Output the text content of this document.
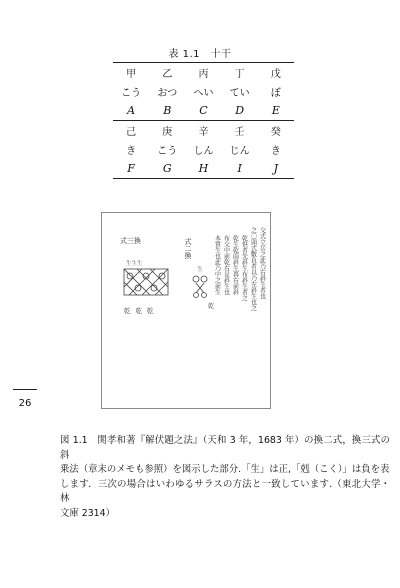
表 1.1　十干
甲	乙	丙	丁	戊
こう	おつ	へい	てい	ぼ
A	B	C	D	E
己	庚	辛	壬	癸
き	こう	しん	じん	き
F	G	H	I	J
交式立岳之此乃右斜生者也
之〇頭式數負者以乃左斜生也之
乾供者先斜生布斜生者之
乾生乾雨斜生再右前斜
布交中前乾右是斜生也
本質生也此乃中之前生
式二換
式三換
生生生
生
乾
乾乾乾
26
図 1.1　関孝和著『解伏題之法』（天和 3 年，1683 年）の換二式，換三式の斜
乗法（章末のメモも参照）を図示した部分.「生」は正,「剋（こく）」は負を表
します．三次の場合はいわゆるサラスの方法と一致しています.（東北大学・林
文庫 2314）
